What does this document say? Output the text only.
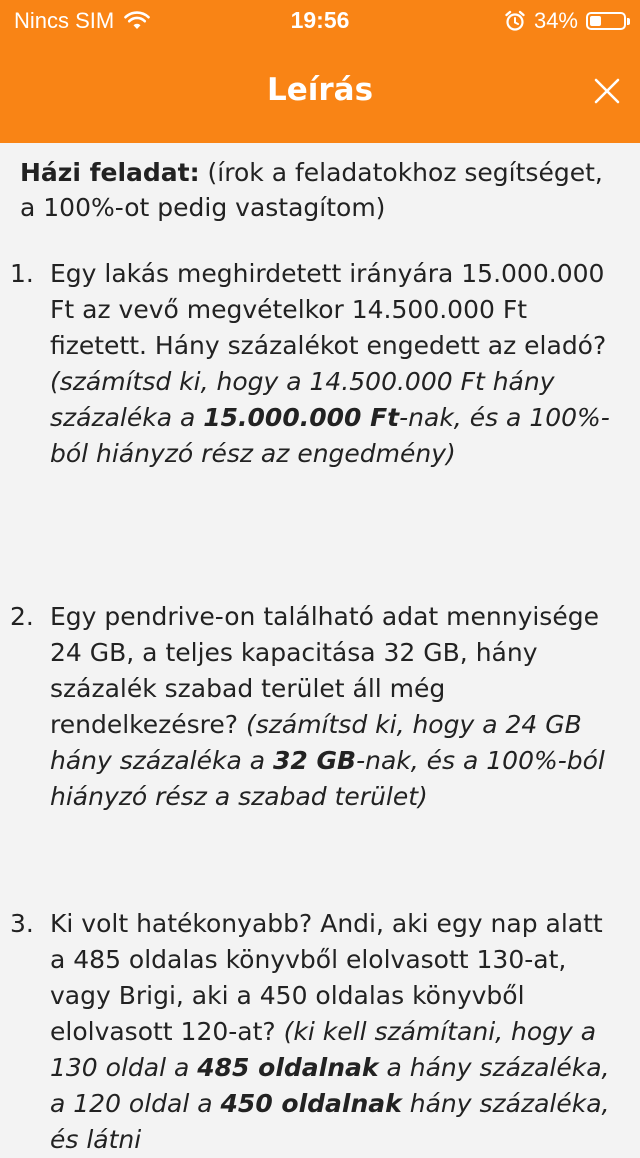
Nincs SIM	19:56	34%
Leírás
Házi feladat: (írok a feladatokhoz segítséget, a 100%-ot pedig vastagítom)
1. Egy lakás meghirdetett irányára 15.000.000 Ft az vevő megvételkor 14.500.000 Ft fizetett. Hány százalékot engedett az eladó?(számítsd ki, hogy a 14.500.000 Ft hány százaléka a 15.000.000 Ft-nak, és a 100%-ból hiányzó rész az engedmény)
2. Egy pendrive-on található adat mennyisége 24 GB, a teljes kapacitása 32 GB, hány százalék szabad terület áll még rendelkezésre? (számítsd ki, hogy a 24 GB hány százaléka a 32 GB-nak, és a 100%-ból hiányzó rész a szabad terület)
3. Ki volt hatékonyabb? Andi, aki egy nap alatt a 485 oldalas könyvből elolvasott 130-at, vagy Brigi, aki a 450 oldalas könyvből elolvasott 120-at? (ki kell számítani, hogy a 130 oldal a 485 oldalnak a hány százaléka, a 120 oldal a 450 oldalnak hány százaléka, és látni
